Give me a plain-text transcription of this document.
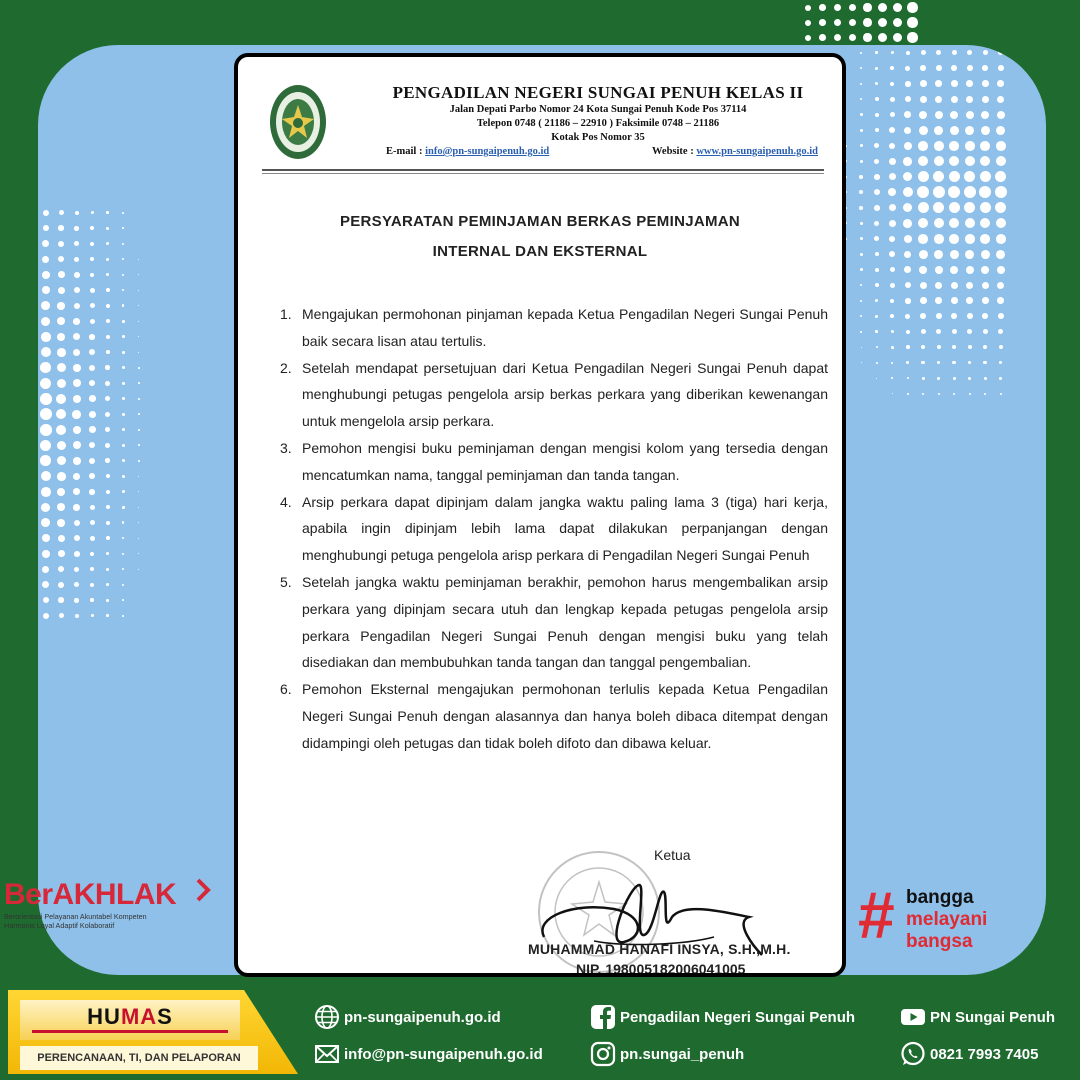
PENGADILAN NEGERI SUNGAI PENUH KELAS II
Jalan Depati Parbo Nomor 24 Kota Sungai Penuh Kode Pos 37114
Telepon 0748 ( 21186 – 22910 ) Faksimile 0748 – 21186
Kotak Pos Nomor 35
E-mail : info@pn-sungaipenuh.go.id	Website : www.pn-sungaipenuh.go.id
PERSYARATAN PEMINJAMAN BERKAS PEMINJAMAN
INTERNAL DAN EKSTERNAL
1. Mengajukan permohonan pinjaman kepada Ketua Pengadilan Negeri Sungai Penuh baik secara lisan atau tertulis.
2. Setelah mendapat persetujuan dari Ketua Pengadilan Negeri Sungai Penuh dapat menghubungi petugas pengelola arsip berkas perkara yang diberikan kewenangan untuk mengelola arsip perkara.
3. Pemohon mengisi buku peminjaman dengan mengisi kolom yang tersedia dengan mencatumkan nama, tanggal peminjaman dan tanda tangan.
4. Arsip perkara dapat dipinjam dalam jangka waktu paling lama 3 (tiga) hari kerja, apabila ingin dipinjam lebih lama dapat dilakukan perpanjangan dengan menghubungi petuga pengelola arisp perkara di Pengadilan Negeri Sungai Penuh
5. Setelah jangka waktu peminjaman berakhir, pemohon harus mengembalikan arsip perkara yang dipinjam secara utuh dan lengkap kepada petugas pengelola arsip perkara Pengadilan Negeri Sungai Penuh dengan mengisi buku yang telah disediakan dan membubuhkan tanda tangan dan tanggal pengembalian.
6. Pemohon Eksternal mengajukan permohonan terlulis kepada Ketua Pengadilan Negeri Sungai Penuh dengan alasannya dan hanya boleh dibaca ditempat dengan didampingi oleh petugas dan tidak boleh difoto dan dibawa keluar.
Ketua
MUHAMMAD HANAFI INSYA, S.H.,M.H.
NIP. 198005182006041005
BerAKHLAK
Berorientasi Pelayanan Akuntabel Kompeten
Harmonis Loyal Adaptif Kolaboratif	# bangga
melayani
bangsa
HUMAS
PERENCANAAN, TI, DAN PELAPORAN
pn-sungaipenuh.go.id
info@pn-sungaipenuh.go.id
Pengadilan Negeri Sungai Penuh
pn.sungai_penuh
PN Sungai Penuh
0821 7993 7405
